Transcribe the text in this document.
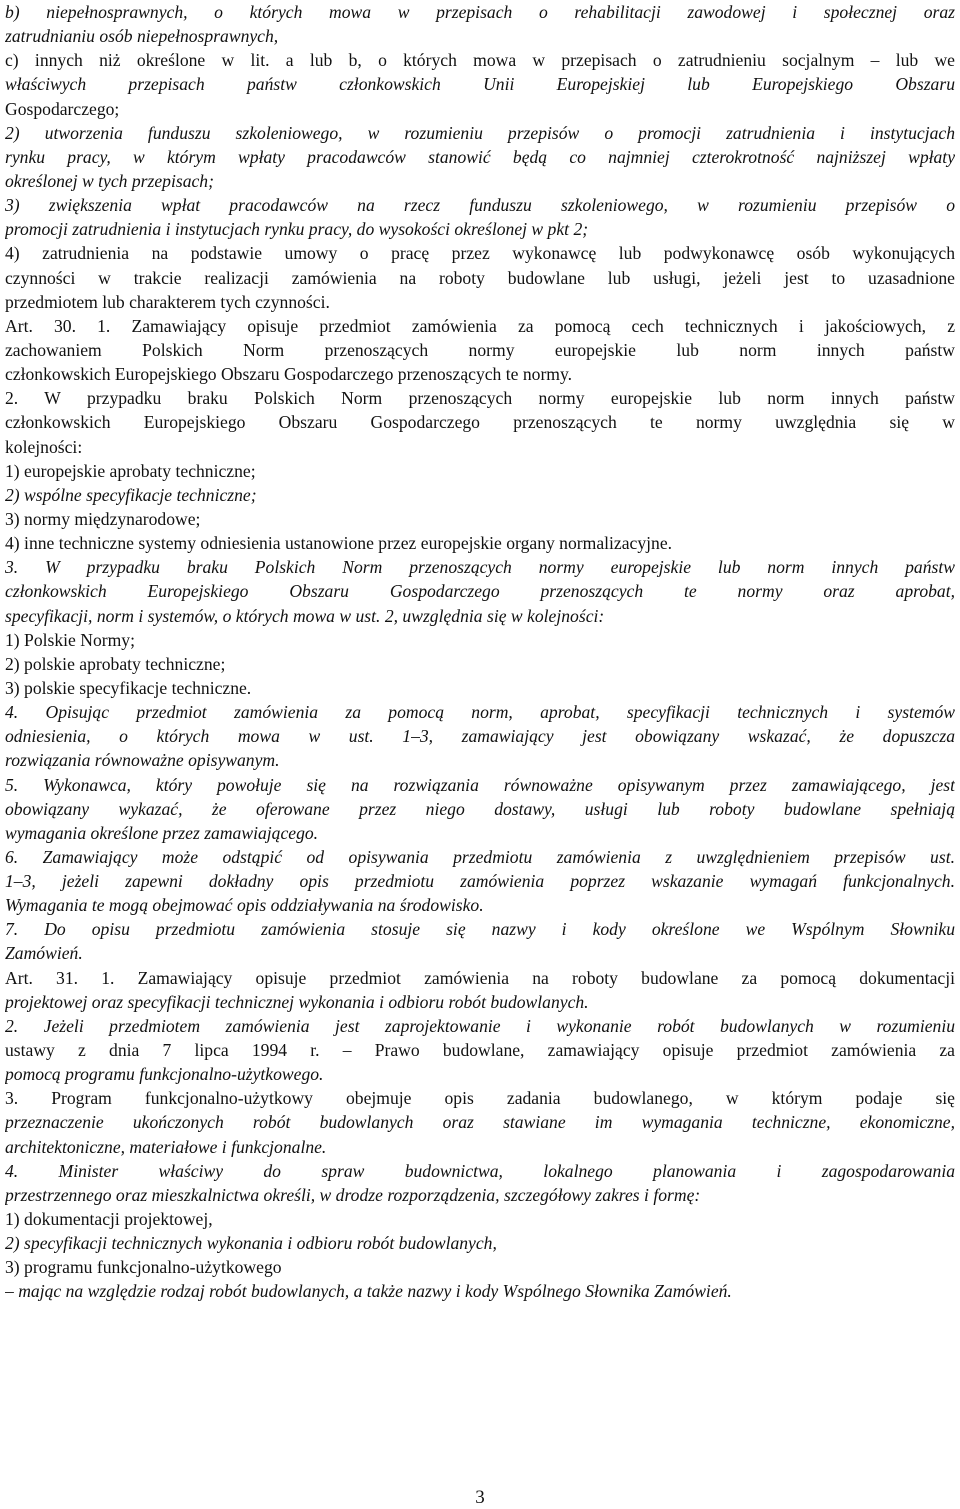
b) niepełnosprawnych, o których mowa w przepisach o rehabilitacji zawodowej i społecznej oraz
zatrudnianiu osób niepełnosprawnych,
c) innych niż określone w lit. a lub b, o których mowa w przepisach o zatrudnieniu socjalnym – lub we
właściwych przepisach państw członkowskich Unii Europejskiej lub Europejskiego Obszaru
Gospodarczego;
2) utworzenia funduszu szkoleniowego, w rozumieniu przepisów o promocji zatrudnienia i instytucjach
rynku pracy, w którym wpłaty pracodawców stanowić będą co najmniej czterokrotność najniższej wpłaty
określonej w tych przepisach;
3) zwiększenia wpłat pracodawców na rzecz funduszu szkoleniowego, w rozumieniu przepisów o
promocji zatrudnienia i instytucjach rynku pracy, do wysokości określonej w pkt 2;
4) zatrudnienia na podstawie umowy o pracę przez wykonawcę lub podwykonawcę osób wykonujących
czynności w trakcie realizacji zamówienia na roboty budowlane lub usługi, jeżeli jest to uzasadnione
przedmiotem lub charakterem tych czynności.
Art. 30. 1. Zamawiający opisuje przedmiot zamówienia za pomocą cech technicznych i jakościowych, z
zachowaniem Polskich Norm przenoszących normy europejskie lub norm innych państw
członkowskich Europejskiego Obszaru Gospodarczego przenoszących te normy.
2. W przypadku braku Polskich Norm przenoszących normy europejskie lub norm innych państw
członkowskich Europejskiego Obszaru Gospodarczego przenoszących te normy uwzględnia się w
kolejności:
1) europejskie aprobaty techniczne;
2) wspólne specyfikacje techniczne;
3) normy międzynarodowe;
4) inne techniczne systemy odniesienia ustanowione przez europejskie organy normalizacyjne.
3. W przypadku braku Polskich Norm przenoszących normy europejskie lub norm innych państw
członkowskich Europejskiego Obszaru Gospodarczego przenoszących te normy oraz aprobat,
specyfikacji, norm i systemów, o których mowa w ust. 2, uwzględnia się w kolejności:
1) Polskie Normy;
2) polskie aprobaty techniczne;
3) polskie specyfikacje techniczne.
4. Opisując przedmiot zamówienia za pomocą norm, aprobat, specyfikacji technicznych i systemów
odniesienia, o których mowa w ust. 1–3, zamawiający jest obowiązany wskazać, że dopuszcza
rozwiązania równoważne opisywanym.
5. Wykonawca, który powołuje się na rozwiązania równoważne opisywanym przez zamawiającego, jest
obowiązany wykazać, że oferowane przez niego dostawy, usługi lub roboty budowlane spełniają
wymagania określone przez zamawiającego.
6. Zamawiający może odstąpić od opisywania przedmiotu zamówienia z uwzględnieniem przepisów ust.
1–3, jeżeli zapewni dokładny opis przedmiotu zamówienia poprzez wskazanie wymagań funkcjonalnych.
Wymagania te mogą obejmować opis oddziaływania na środowisko.
7. Do opisu przedmiotu zamówienia stosuje się nazwy i kody określone we Wspólnym Słowniku
Zamówień.
Art. 31. 1. Zamawiający opisuje przedmiot zamówienia na roboty budowlane za pomocą dokumentacji
projektowej oraz specyfikacji technicznej wykonania i odbioru robót budowlanych.
2. Jeżeli przedmiotem zamówienia jest zaprojektowanie i wykonanie robót budowlanych w rozumieniu
ustawy z dnia 7 lipca 1994 r. – Prawo budowlane, zamawiający opisuje przedmiot zamówienia za
pomocą programu funkcjonalno-użytkowego.
3. Program funkcjonalno-użytkowy obejmuje opis zadania budowlanego, w którym podaje się
przeznaczenie ukończonych robót budowlanych oraz stawiane im wymagania techniczne, ekonomiczne,
architektoniczne, materiałowe i funkcjonalne.
4. Minister właściwy do spraw budownictwa, lokalnego planowania i zagospodarowania
przestrzennego oraz mieszkalnictwa określi, w drodze rozporządzenia, szczegółowy zakres i formę:
1) dokumentacji projektowej,
2) specyfikacji technicznych wykonania i odbioru robót budowlanych,
3) programu funkcjonalno-użytkowego
– mając na względzie rodzaj robót budowlanych, a także nazwy i kody Wspólnego Słownika Zamówień.
3
